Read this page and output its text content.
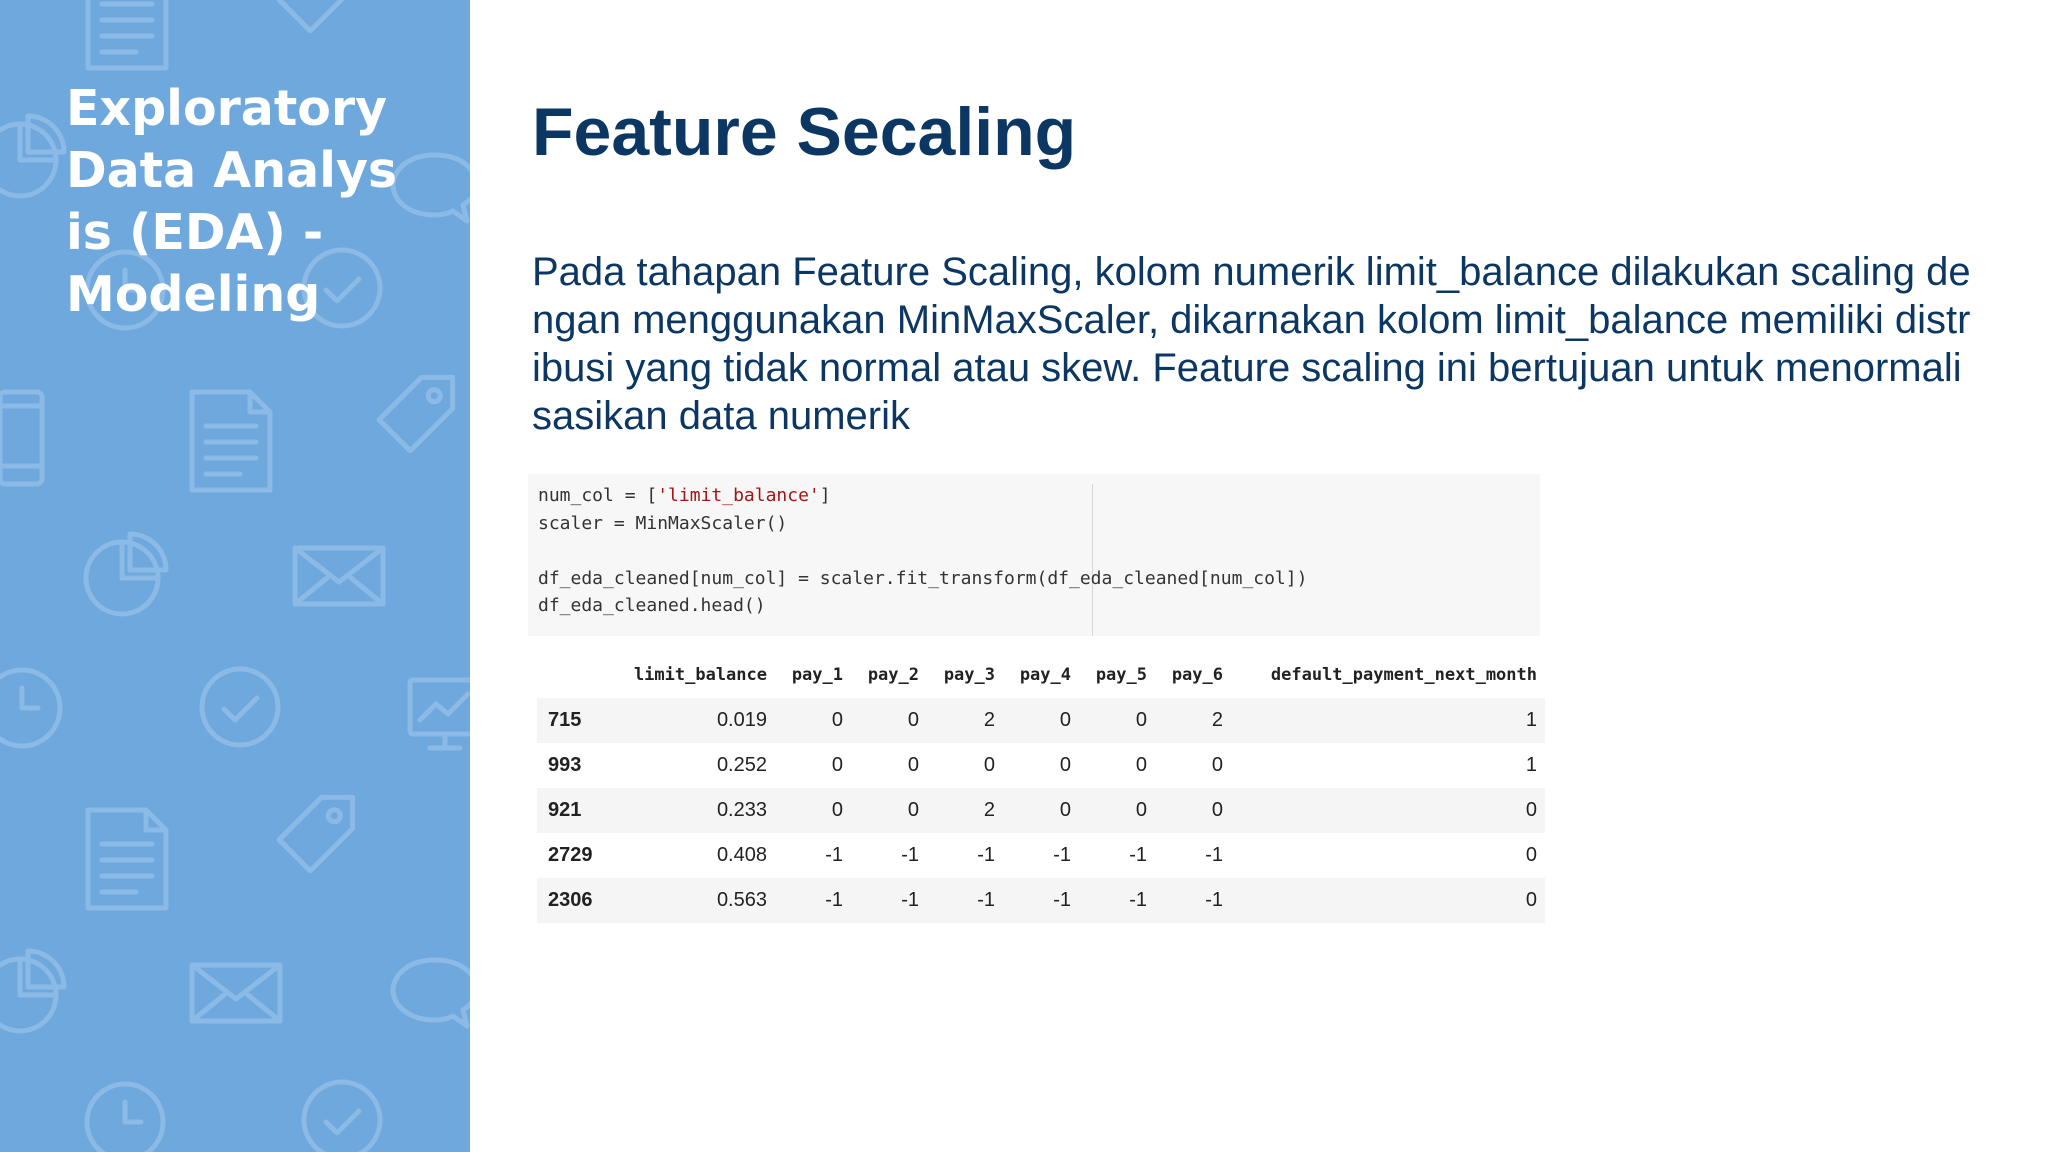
Exploratory
Data Analys
is (EDA) -
Modeling
Feature Secaling

Pada tahapan Feature Scaling, kolom numerik limit_balance dilakukan scaling dengan menggunakan MinMaxScaler, dikarnakan kolom limit_balance memiliki distribusi yang tidak normal atau skew. Feature scaling ini bertujuan untuk menormalisasikan data numerik

num_col = ['limit_balance']
scaler = MinMaxScaler()

df_eda_cleaned[num_col] = scaler.fit_transform(df_eda_cleaned[num_col])
df_eda_cleaned.head()
	limit_balance	pay_1	pay_2	pay_3	pay_4	pay_5	pay_6	default_payment_next_month
715	0.019	0	0	2	0	0	2	1
993	0.252	0	0	0	0	0	0	1
921	0.233	0	0	2	0	0	0	0
2729	0.408	-1	-1	-1	-1	-1	-1	0
2306	0.563	-1	-1	-1	-1	-1	-1	0
